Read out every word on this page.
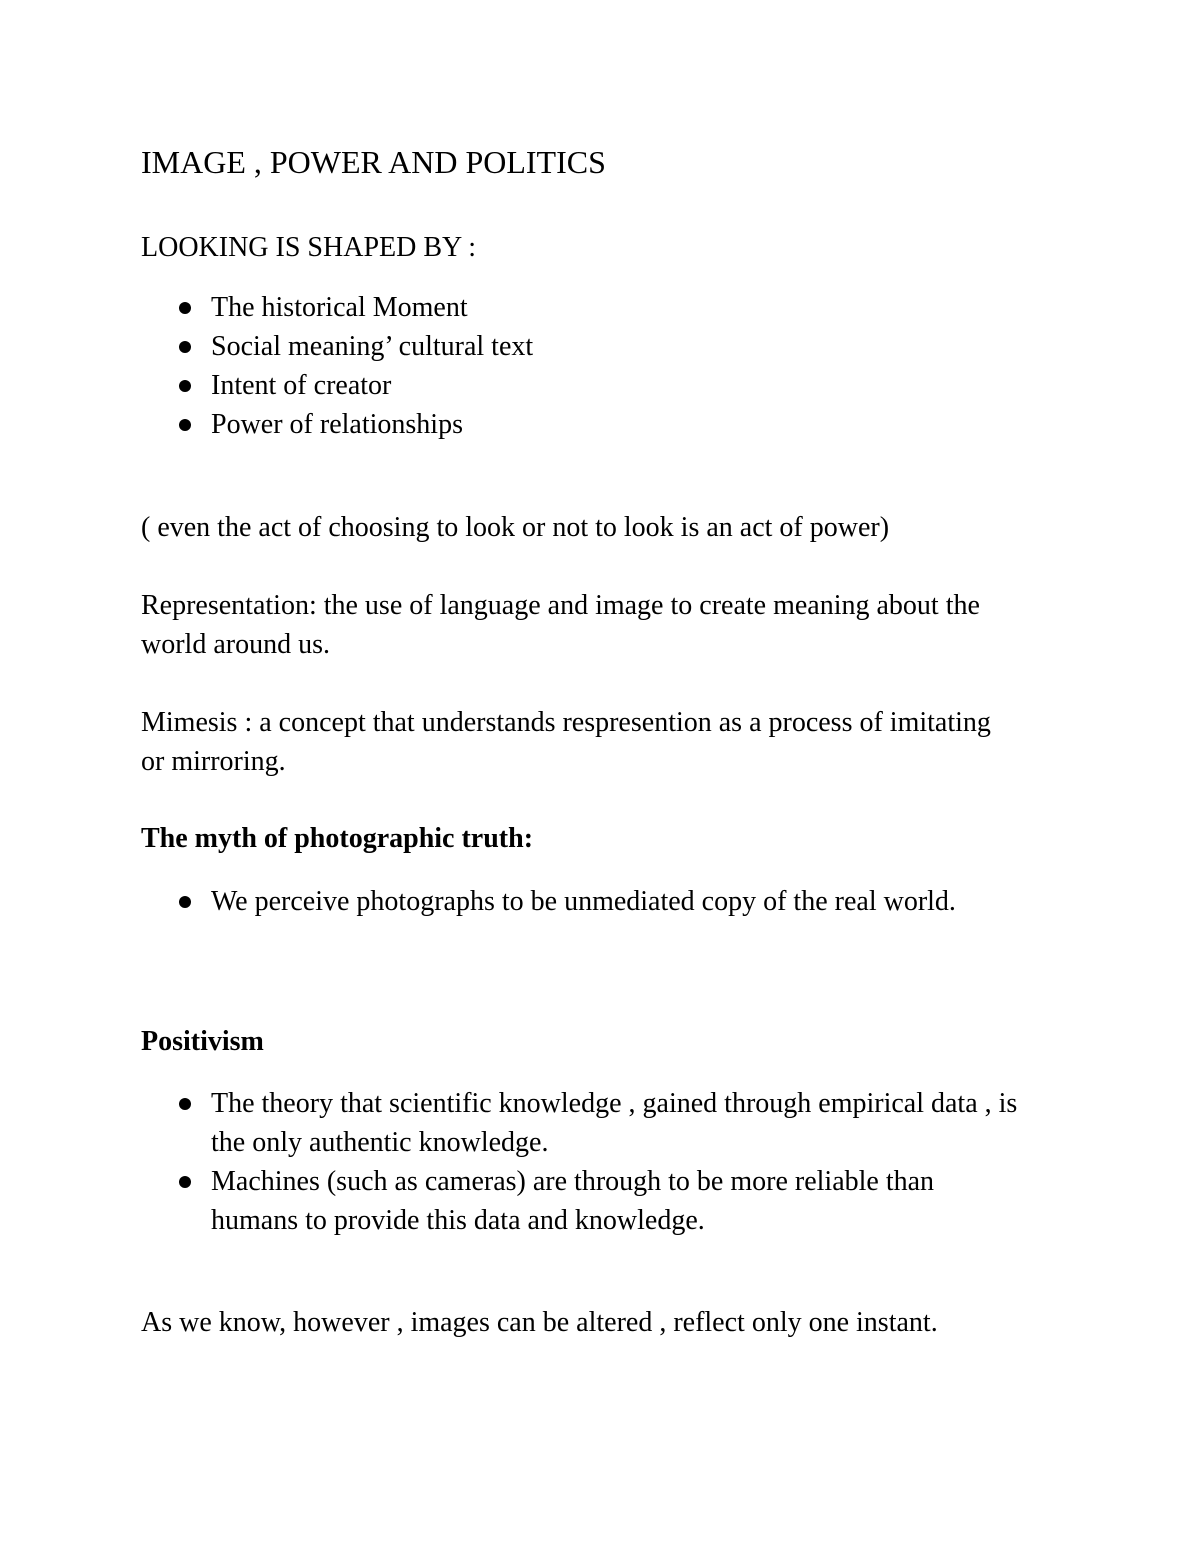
IMAGE , POWER AND POLITICS

LOOKING IS SHAPED BY :

The historical Moment
Social meaning’ cultural text
Intent of creator
Power of relationships

( even the act of choosing to look or not to look is an act of power)

Representation: the use of language and image to create meaning about the

world around us.

Mimesis : a concept that understands respresention as a process of imitating

or mirroring.

The myth of photographic truth:

We perceive photographs to be unmediated copy of the real world.

Positivism

The theory that scientific knowledge , gained through empirical data , is
the only authentic knowledge.
Machines (such as cameras) are through to be more reliable than
humans to provide this data and knowledge.

As we know, however , images can be altered , reflect only one instant.
